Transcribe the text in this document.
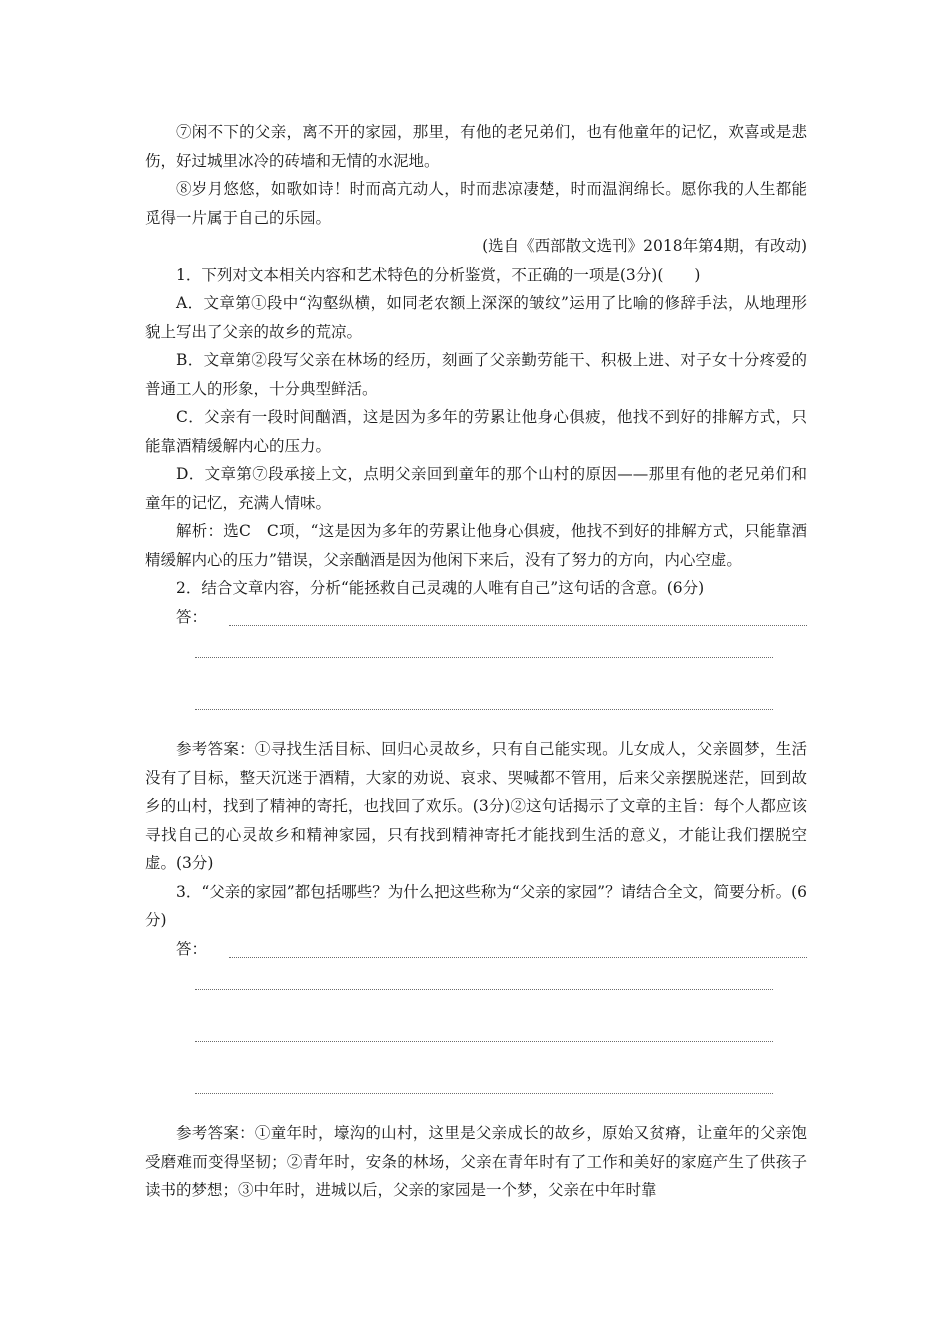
⑦闲不下的父亲，离不开的家园，那里，有他的老兄弟们，也有他童年的记忆，欢喜或是悲伤，好过城里冰冷的砖墙和无情的水泥地。

⑧岁月悠悠，如歌如诗！时而高亢动人，时而悲凉凄楚，时而温润绵长。愿你我的人生都能觅得一片属于自己的乐园。

(选自《西部散文选刊》2018年第4期，有改动)

1．下列对文本相关内容和艺术特色的分析鉴赏，不正确的一项是(3分)(　　)

A．文章第①段中“沟壑纵横，如同老农额上深深的皱纹”运用了比喻的修辞手法，从地理形貌上写出了父亲的故乡的荒凉。

B．文章第②段写父亲在林场的经历，刻画了父亲勤劳能干、积极上进、对子女十分疼爱的普通工人的形象，十分典型鲜活。

C．父亲有一段时间酗酒，这是因为多年的劳累让他身心俱疲，他找不到好的排解方式，只能靠酒精缓解内心的压力。

D．文章第⑦段承接上文，点明父亲回到童年的那个山村的原因——那里有他的老兄弟们和童年的记忆，充满人情味。

解析：选C　C项，“这是因为多年的劳累让他身心俱疲，他找不到好的排解方式，只能靠酒精缓解内心的压力”错误，父亲酗酒是因为他闲下来后，没有了努力的方向，内心空虚。

2．结合文章内容，分析“能拯救自己灵魂的人唯有自己”这句话的含意。(6分)

答：

参考答案：①寻找生活目标、回归心灵故乡，只有自己能实现。儿女成人，父亲圆梦，生活没有了目标，整天沉迷于酒精，大家的劝说、哀求、哭喊都不管用，后来父亲摆脱迷茫，回到故乡的山村，找到了精神的寄托，也找回了欢乐。(3分)②这句话揭示了文章的主旨：每个人都应该寻找自己的心灵故乡和精神家园，只有找到精神寄托才能找到生活的意义，才能让我们摆脱空虚。(3分)

3．“父亲的家园”都包括哪些？为什么把这些称为“父亲的家园”？请结合全文，简要分析。(6分)

答：

参考答案：①童年时，壕沟的山村，这里是父亲成长的故乡，原始又贫瘠，让童年的父亲饱受磨难而变得坚韧；②青年时，安条的林场，父亲在青年时有了工作和美好的家庭产生了供孩子读书的梦想；③中年时，进城以后，父亲的家园是一个梦，父亲在中年时靠
